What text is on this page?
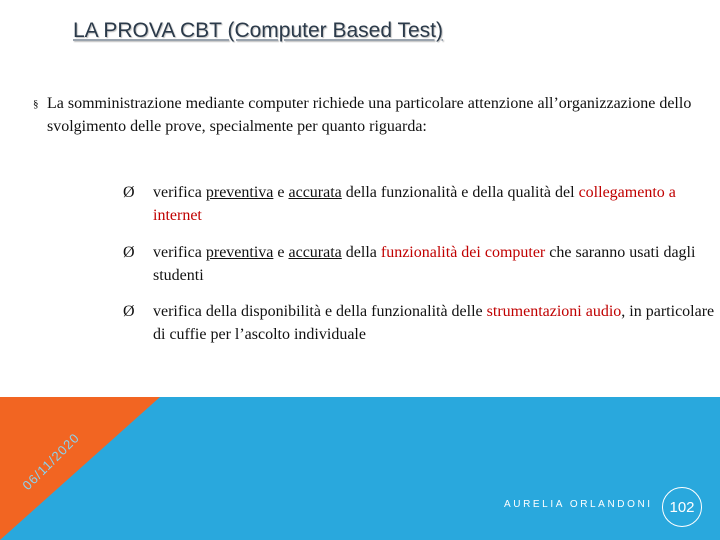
LA PROVA CBT (Computer Based Test)
§ La somministrazione mediante computer richiede una particolare attenzione all’organizzazione dello svolgimento delle prove, specialmente per quanto riguarda:
Ø	verifica preventiva e accurata della funzionalità e della qualità del collegamento a internet
Ø	verifica preventiva e accurata della funzionalità dei computer che saranno usati dagli studenti
Ø	verifica della disponibilità e della funzionalità delle strumentazioni audio, in particolare di cuffie per l’ascolto individuale
06/11/2020
AURELIA ORLANDONI 102
